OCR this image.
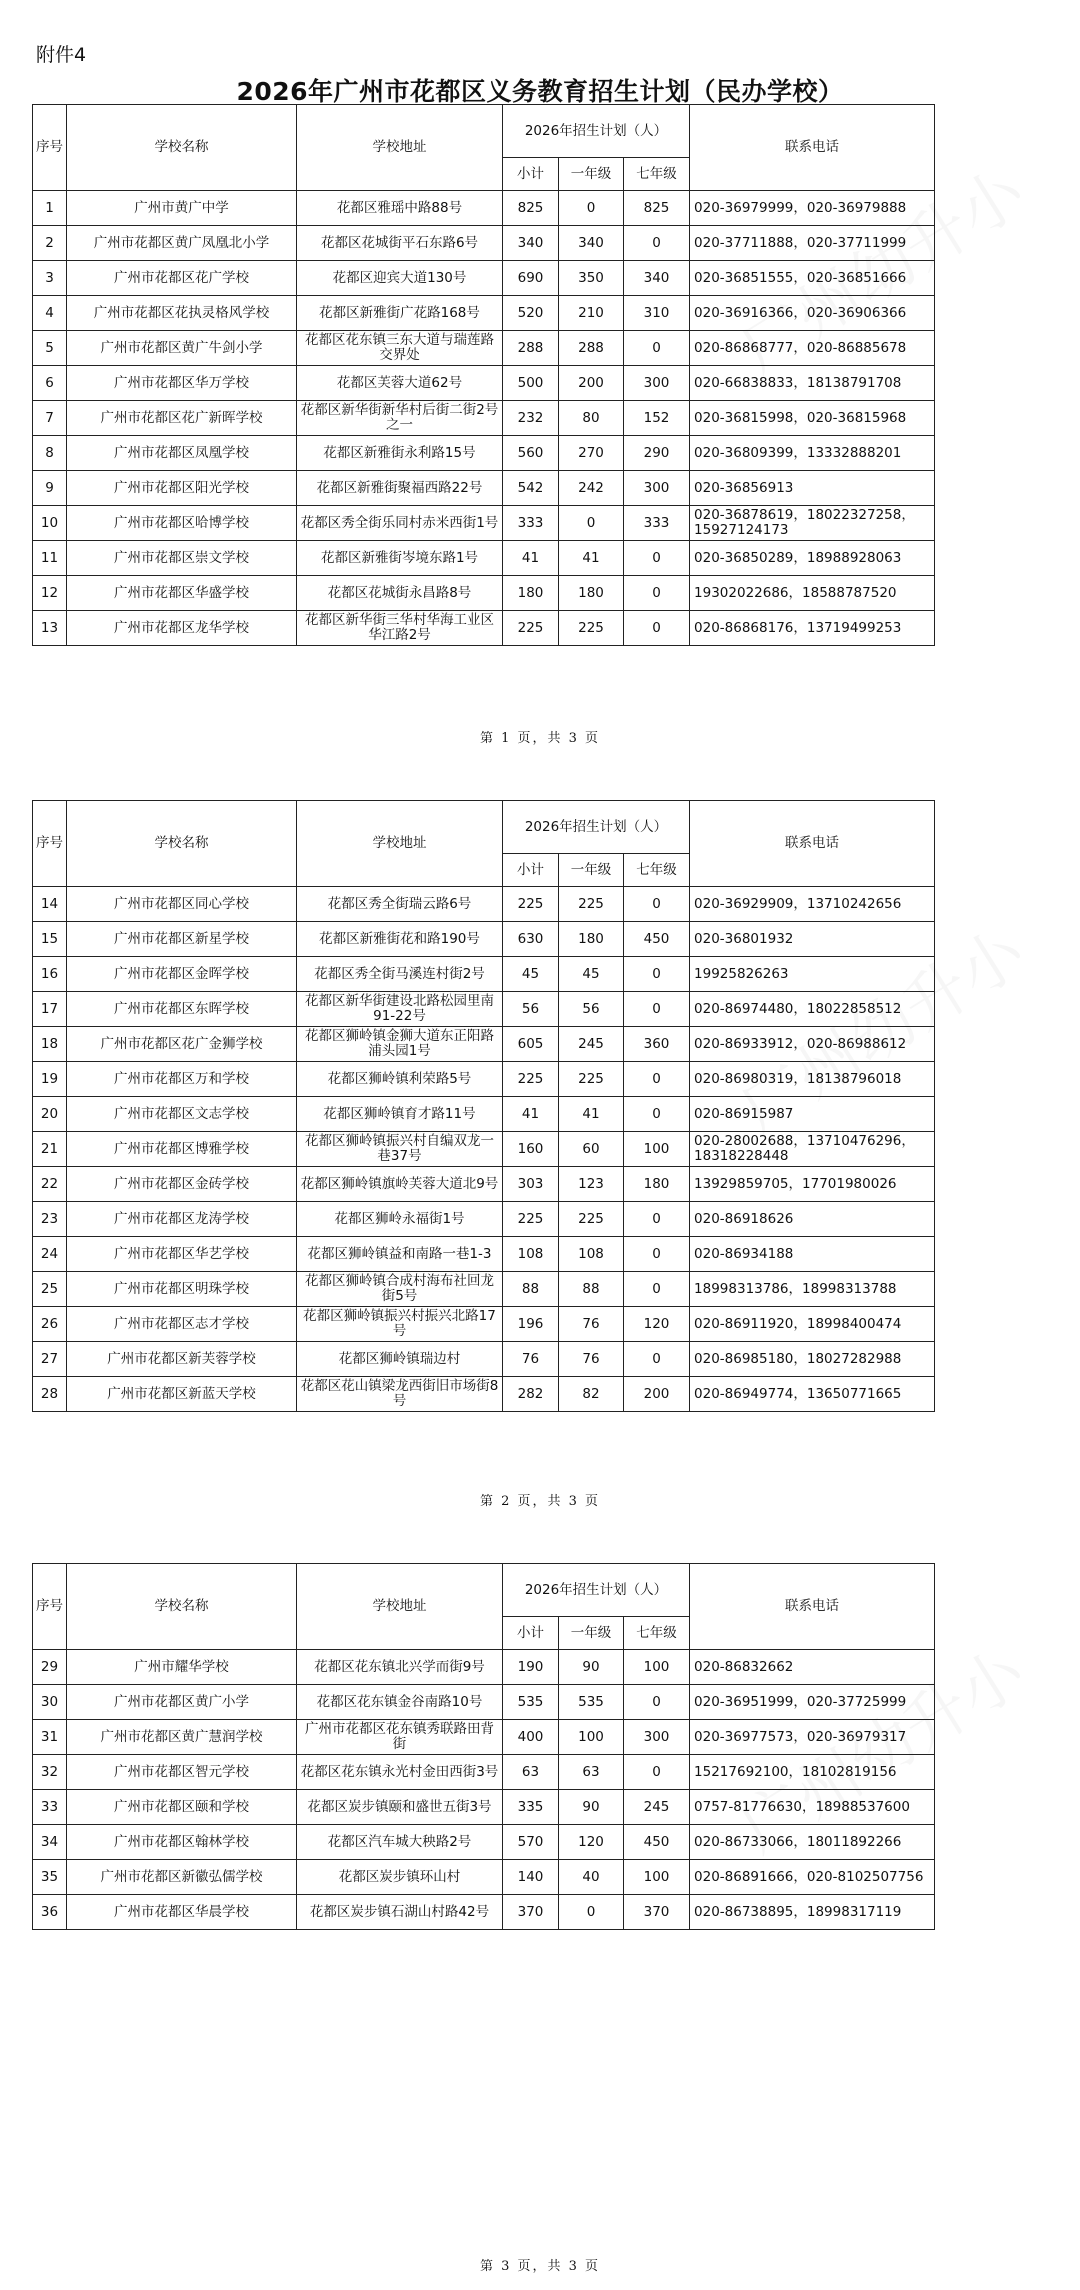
附件4
2026年广州市花都区义务教育招生计划（民办学校）
序号	学校名称	学校地址	2026年招生计划（人）			联系电话
			小计	一年级	七年级	
1	广州市黄广中学	花都区雅瑶中路88号	825	0	825	020-36979999，020-36979888
2	广州市花都区黄广凤凰北小学	花都区花城街平石东路6号	340	340	0	020-37711888，020-37711999
3	广州市花都区花广学校	花都区迎宾大道130号	690	350	340	020-36851555，020-36851666
4	广州市花都区花执灵格风学校	花都区新雅街广花路168号	520	210	310	020-36916366，020-36906366
5	广州市花都区黄广牛剑小学	花都区花东镇三东大道与瑞莲路交界处	288	288	0	020-86868777，020-86885678
6	广州市花都区华万学校	花都区芙蓉大道62号	500	200	300	020-66838833，18138791708
7	广州市花都区花广新晖学校	花都区新华街新华村后街二街2号之一	232	80	152	020-36815998，020-36815968
8	广州市花都区凤凰学校	花都区新雅街永利路15号	560	270	290	020-36809399，13332888201
9	广州市花都区阳光学校	花都区新雅街聚福西路22号	542	242	300	020-36856913
10	广州市花都区哈博学校	花都区秀全街乐同村赤米西街1号	333	0	333	020-36878619，18022327258，15927124173
11	广州市花都区崇文学校	花都区新雅街岑境东路1号	41	41	0	020-36850289，18988928063
12	广州市花都区华盛学校	花都区花城街永昌路8号	180	180	0	19302022686，18588787520
13	广州市花都区龙华学校	花都区新华街三华村华海工业区华江路2号	225	225	0	020-86868176，13719499253
第 1 页，共 3 页
序号	学校名称	学校地址	2026年招生计划（人）			联系电话
			小计	一年级	七年级	
14	广州市花都区同心学校	花都区秀全街瑞云路6号	225	225	0	020-36929909，13710242656
15	广州市花都区新星学校	花都区新雅街花和路190号	630	180	450	020-36801932
16	广州市花都区金晖学校	花都区秀全街马溪连村街2号	45	45	0	19925826263
17	广州市花都区东晖学校	花都区新华街建设北路松园里南91-22号	56	56	0	020-86974480，18022858512
18	广州市花都区花广金狮学校	花都区狮岭镇金狮大道东正阳路浦头园1号	605	245	360	020-86933912，020-86988612
19	广州市花都区万和学校	花都区狮岭镇利荣路5号	225	225	0	020-86980319，18138796018
20	广州市花都区文志学校	花都区狮岭镇育才路11号	41	41	0	020-86915987
21	广州市花都区博雅学校	花都区狮岭镇振兴村自编双龙一巷37号	160	60	100	020-28002688，13710476296，18318228448
22	广州市花都区金砖学校	花都区狮岭镇旗岭芙蓉大道北9号	303	123	180	13929859705，17701980026
23	广州市花都区龙涛学校	花都区狮岭永福街1号	225	225	0	020-86918626
24	广州市花都区华艺学校	花都区狮岭镇益和南路一巷1-3	108	108	0	020-86934188
25	广州市花都区明珠学校	花都区狮岭镇合成村海布社回龙街5号	88	88	0	18998313786，18998313788
26	广州市花都区志才学校	花都区狮岭镇振兴村振兴北路17号	196	76	120	020-86911920，18998400474
27	广州市花都区新芙蓉学校	花都区狮岭镇瑞边村	76	76	0	020-86985180，18027282988
28	广州市花都区新蓝天学校	花都区花山镇梁龙西街旧市场街8号	282	82	200	020-86949774，13650771665
第 2 页，共 3 页
序号	学校名称	学校地址	2026年招生计划（人）			联系电话
			小计	一年级	七年级	
29	广州市耀华学校	花都区花东镇北兴学而街9号	190	90	100	020-86832662
30	广州市花都区黄广小学	花都区花东镇金谷南路10号	535	535	0	020-36951999，020-37725999
31	广州市花都区黄广慧润学校	广州市花都区花东镇秀联路田背街	400	100	300	020-36977573，020-36979317
32	广州市花都区智元学校	花都区花东镇永光村金田西街3号	63	63	0	15217692100，18102819156
33	广州市花都区颐和学校	花都区炭步镇颐和盛世五街3号	335	90	245	0757-81776630，18988537600
34	广州市花都区翰林学校	花都区汽车城大秧路2号	570	120	450	020-86733066，18011892266
35	广州市花都区新徽弘儒学校	花都区炭步镇环山村	140	40	100	020-86891666，020-8102507756
36	广州市花都区华晨学校	花都区炭步镇石湖山村路42号	370	0	370	020-86738895，18998317119
第 3 页，共 3 页
